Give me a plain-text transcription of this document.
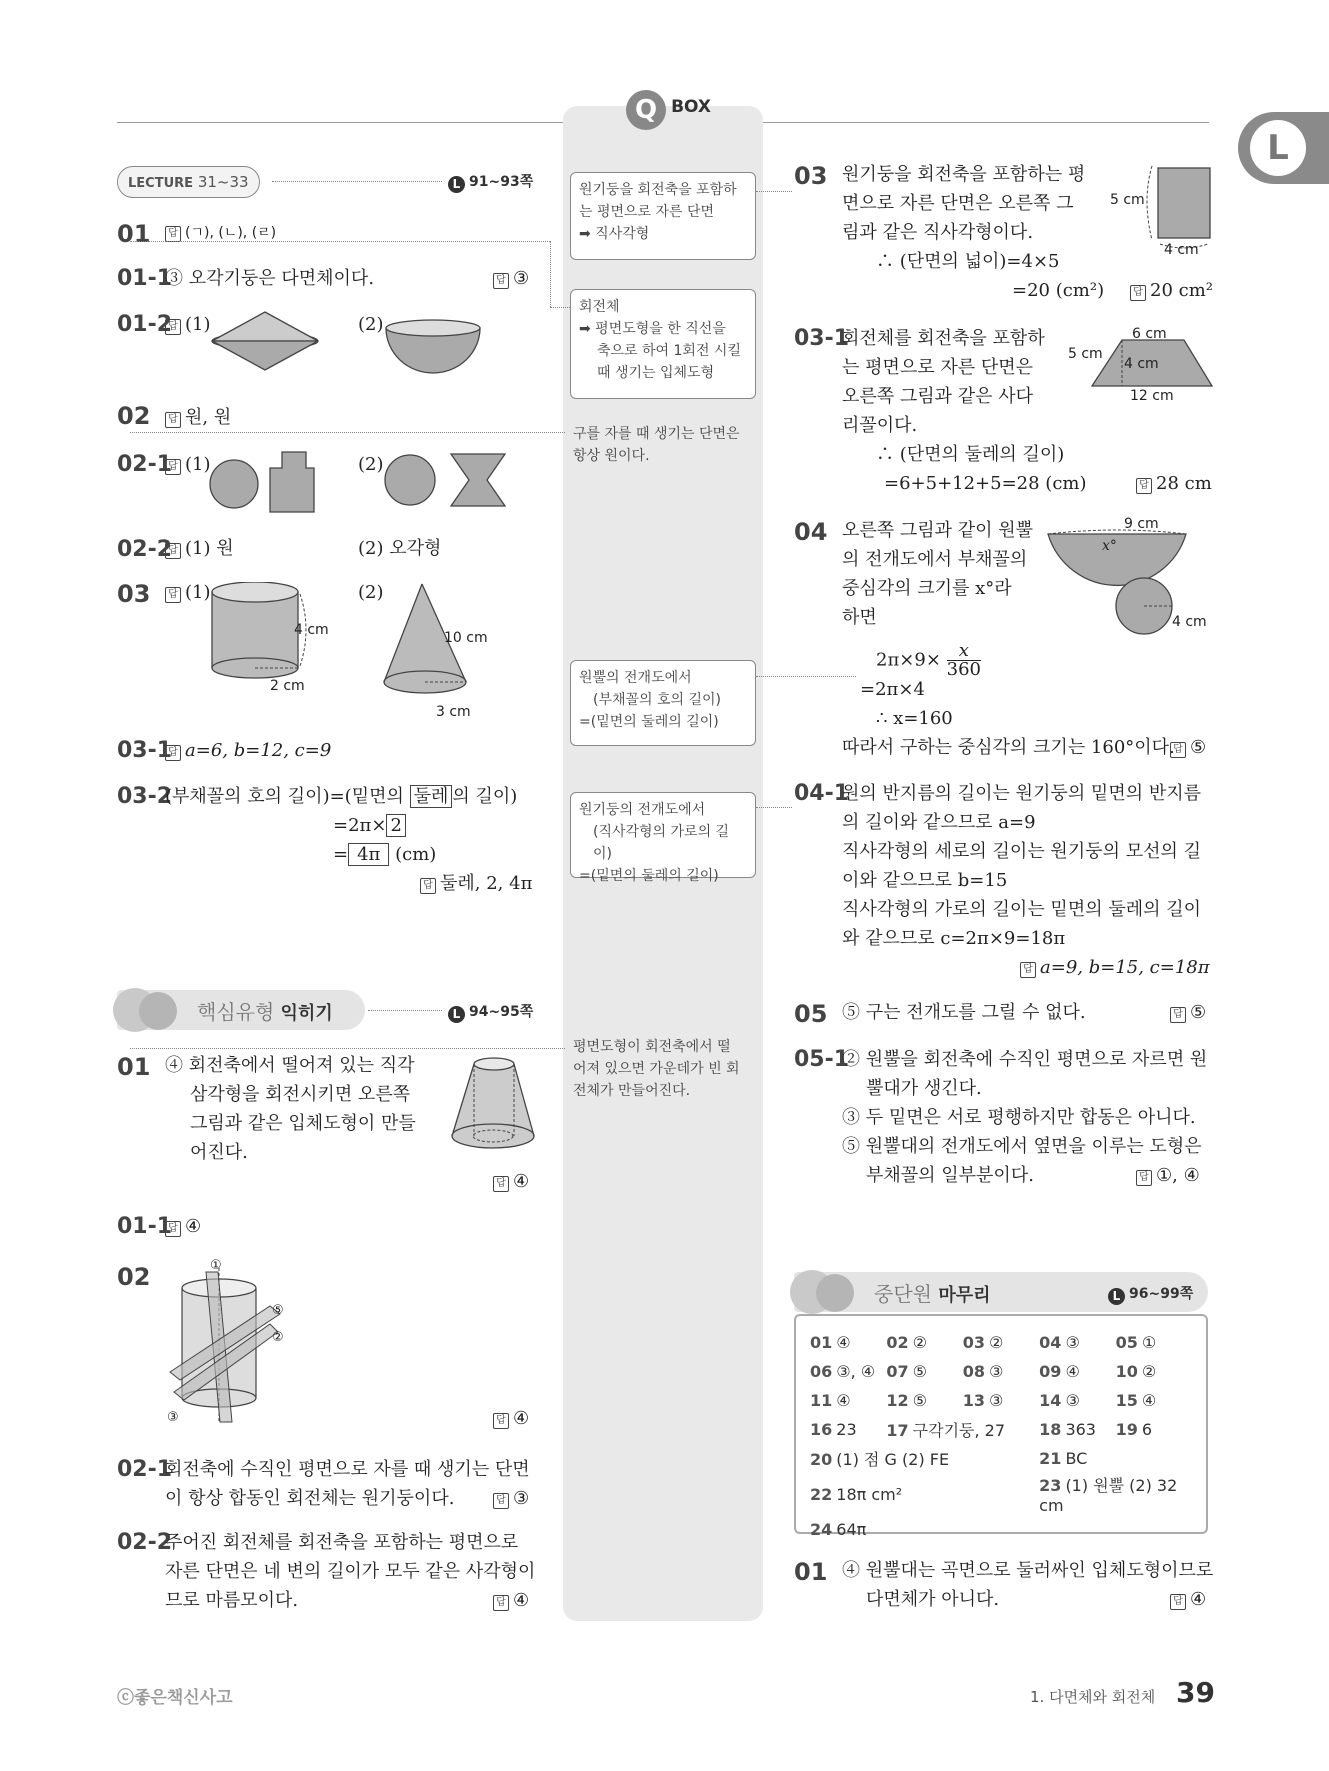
Q BOX
L
LECTURE 31~33	L 91~93쪽
01 답	(ㄱ), (ㄴ), (ㄹ)
01-1
③ 오각기둥은 다면체이다. 답	③
01-2 답 (1)	(2)
02 답	원, 원
02-1 답 (1)	(2)
02-2 답 (1) 원	(2) 오각형
03 답	(1)
4 cm
2 cm
(2)
10 cm
3 cm
03-1 답 a=6, b=12, c=9
03-2
(부채꼴의 호의 길이)=(밑면의 둘레 의 길이)
=2π× 2
= 4π (cm)
답둘레, 2, 4π
핵심유형 익히기	L 94~95쪽
01 ④ 회전축에서 떨어져 있는 직각
삼각형을 회전시키면 오른쪽
그림과 같은 입체도형이 만들
어진다.
답④
01-1 답 ④
02	①
⑤
②
③ 답	④
02-1
회전축에 수직인 평면으로 자를 때 생기는 단면
이 항상 합동인 회전체는 원기둥이다. 답	③
02-2
주어진 회전체를 회전축을 포함하는 평면으로
자른 단면은 네 변의 길이가 모두 같은 사각형이
므로 마름모이다. 답	④
원기둥을 회전축을 포함하
는 평면으로 자른 단면
➡ 직사각형
회전체
➡ 평면도형을 한 직선을
축으로 하여 1회전 시킬
때 생기는 입체도형
구를 자를 때 생기는 단면은
항상 원이다.
원뿔의 전개도에서
(부채꼴의 호의 길이)
=(밑면의 둘레의 길이)
원기둥의 전개도에서
(직사각형의 가로의 길이)
=(밑면의 둘레의 길이)
평면도형이 회전축에서 떨
어져 있으면 가운데가 빈 회
전체가 만들어진다.
03 원기둥을 회전축을 포함하는 평
면으로 자른 단면은 오른쪽 그
림과 같은 직사각형이다.
5 cm
4 cm
∴ (단면의 넓이)=4×5
=20 (cm²) 답	20 cm²
03-1
회전체를 회전축을 포함하
는 평면으로 자른 단면은
오른쪽 그림과 같은 사다
리꼴이다.
6 cm
5 cm
4 cm
12 cm
∴ (단면의 둘레의 길이)
=6+5+12+5=28 (cm) 답	28 cm
04 오른쪽 그림과 같이 원뿔
의 전개도에서 부채꼴의
중심각의 크기를 x°라
하면
9 cm
x°
4 cm
$2\pi\times 9\times \frac{x}{360}$
=2π×4
∴ x=160
따라서 구하는 중심각의 크기는 160°이다. 답 ⑤
04-1
원의 반지름의 길이는 원기둥의 밑면의 반지름
의 길이와 같으므로 a=9
직사각형의 세로의 길이는 원기둥의 모선의 길
이와 같으므로 b=15
직사각형의 가로의 길이는 밑면의 둘레의 길이
와 같으므로 c=2π×9=18π
답a=9, b=15, c=18π
05 ⑤ 구는 전개도를 그릴 수 없다. 답	⑤
05-1
② 원뿔을 회전축에 수직인 평면으로 자르면 원
뿔대가 생긴다.
③ 두 밑면은 서로 평행하지만 합동은 아니다.
⑤ 원뿔대의 전개도에서 옆면을 이루는 도형은
부채꼴의 일부분이다. 답	①, ④
중단원 마무리	L 96~99쪽
01 ④	02 ②	03 ②	04 ③	05 ①
06 ③, ④	07 ⑤	08 ③	09 ④	10 ②
11 ④	12 ⑤	13 ③	14 ③	15 ④
16 23	17 구각기둥, 27		18 363	19 6
20 (1) 점 G (2) FE			21 BC	
22 18π cm²			23 (1) 원뿔 (2) 32 cm	
24 64π				
01 ④ 원뿔대는 곡면으로 둘러싸인 입체도형이므로
다면체가 아니다. 답	④
ⓒ좋은책신사고	1. 다면체와 회전체 39
